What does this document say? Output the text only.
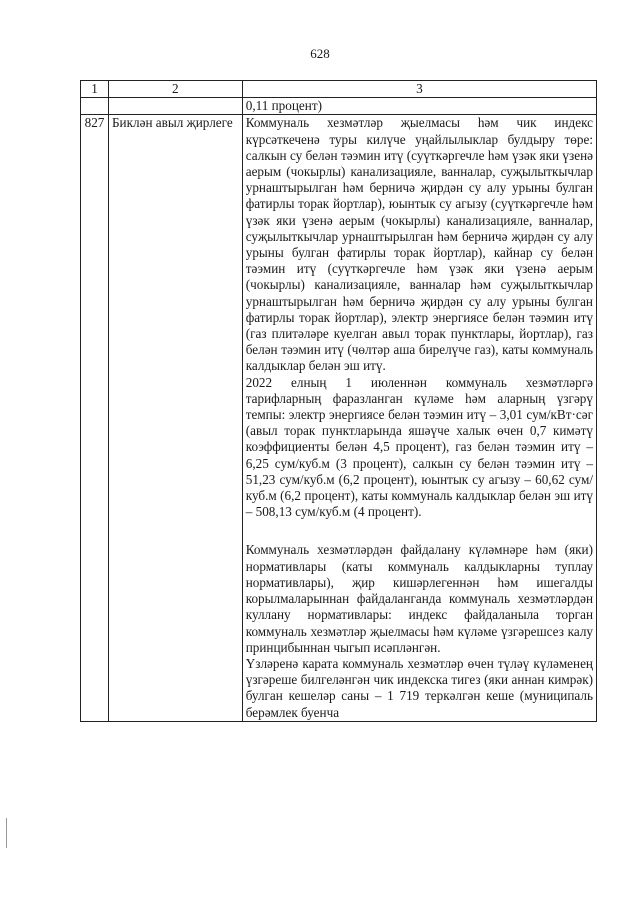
628
1	2	3
		0,11 процент)
827	Биклән авыл җирлеге	Коммуналь хезмәтләр җыелмасы һәм чик индекс күрсәткеченә туры килүче уңайлылыклар булдыру төре: салкын су белән тәэмин итү (суүткәргечле һәм үзәк яки үзенә аерым (чокырлы) канализацияле, ванналар, суҗылыткычлар урнаштырылган һәм берничә җирдән су алу урыны булган фатирлы торак йортлар), юынтык су агызу (суүткәргечле һәм үзәк яки үзенә аерым (чокырлы) канализацияле, ванналар, суҗылыткычлар урнаштырылган һәм берничә җирдән су алу урыны булган фатирлы торак йортлар), кайнар су белән тәэмин итү (суүткәргечле һәм үзәк яки үзенә аерым (чокырлы) канализацияле, ванналар һәм суҗылыткычлар урнаштырылган һәм берничә җирдән су алу урыны булган фатирлы торак йортлар), электр энергиясе белән тәэмин итү (газ плитәләре куелган авыл торак пунктлары, йортлар), газ белән тәэмин итү (чөлтәр аша бирелүче газ), каты коммуналь калдыклар белән эш итү.

2022 елның 1 июленнән коммуналь хезмәтләргә тарифларның фаразланган күләме һәм аларның үзгәрү темпы: электр энергиясе белән тәэмин итү – 3,01 сум/кВт·сәг (авыл торак пунктларында яшәүче халык өчен 0,7 кимәтү коэффициенты белән 4,5 процент), газ белән тәэмин итү – 6,25 сум/куб.м (3 процент), салкын су белән тәэмин итү – 51,23 сум/куб.м (6,2 процент), юынтык су агызу – 60,62 сум/куб.м (6,2 процент), каты коммуналь калдыклар белән эш итү – 508,13 сум/куб.м (4 процент).

Коммуналь хезмәтләрдән файдалану күләмнәре һәм (яки) нормативлары (каты коммуналь калдыкларны туплау нормативлары), җир кишәрлегеннән һәм ишегалды корылмаларыннан файдаланганда коммуналь хезмәтләрдән куллану нормативлары: индекс файдаланыла торган коммуналь хезмәтләр җыелмасы һәм күләме үзгәрешсез калу принцибыннан чыгып исәпләнгән.

Үзләренә карата коммуналь хезмәтләр өчен түләү күләменең үзгәреше билгеләнгән чик индекска тигез (яки аннан кимрәк) булган кешеләр саны – 1 719 теркәлгән кеше (муниципаль берәмлек буенча
